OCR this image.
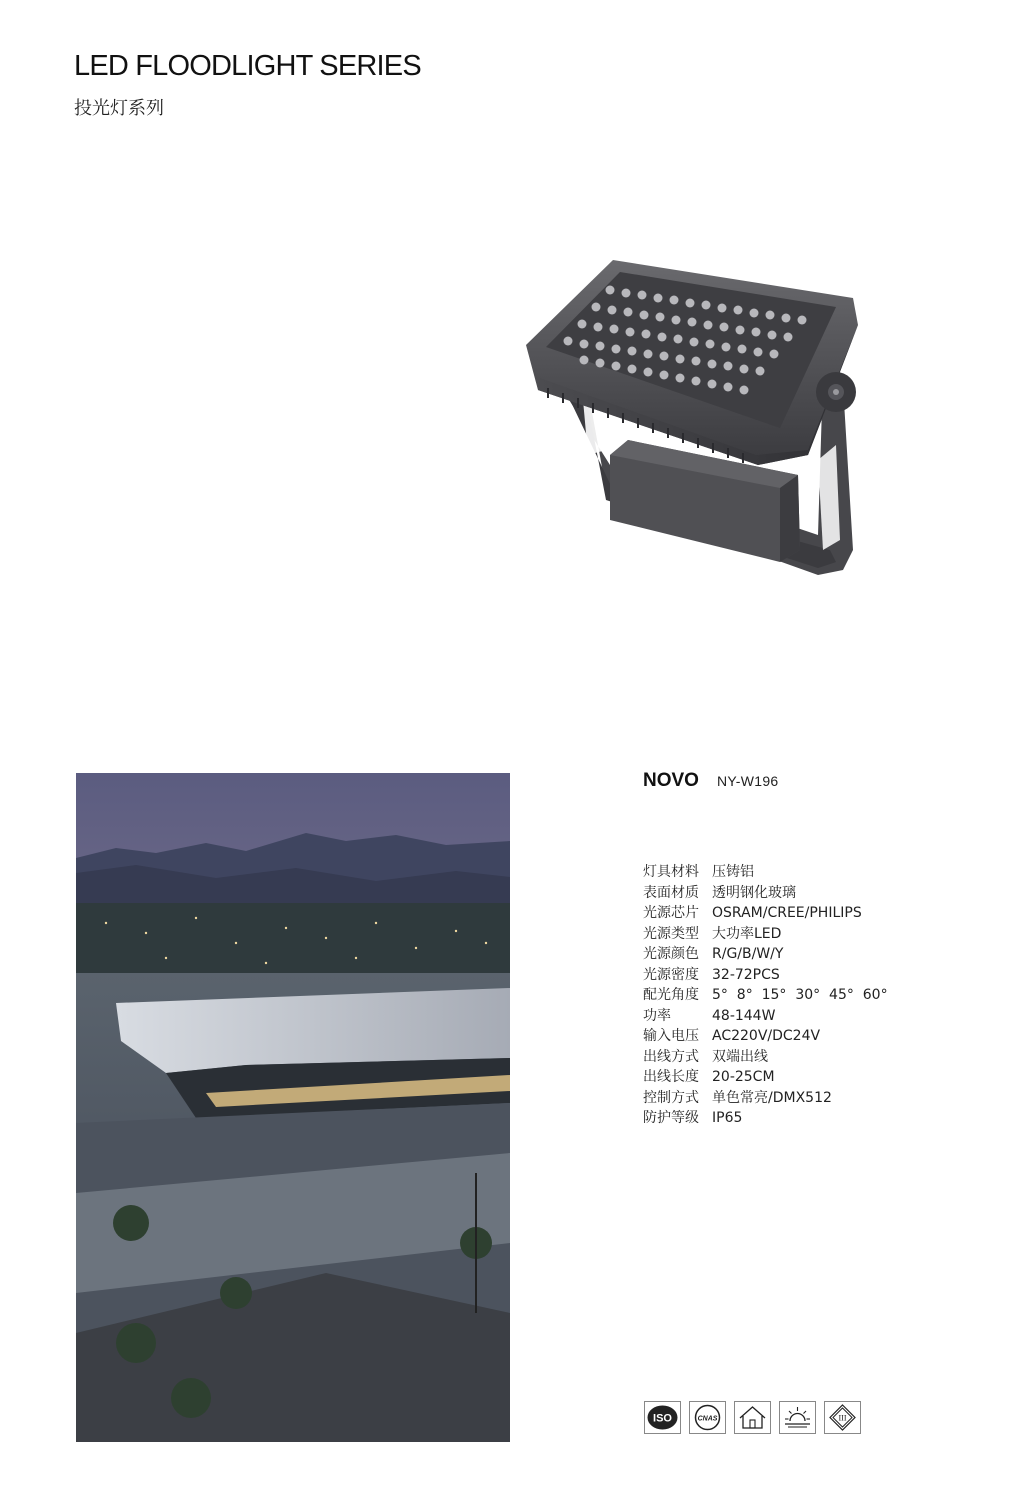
LED FLOODLIGHT SERIES
投光灯系列
NOVO NY-W196
灯具材料 压铸铝
表面材质 透明钢化玻璃
光源芯片 OSRAM/CREE/PHILIPS
光源类型 大功率LED
光源颜色 R/G/B/W/Y
光源密度 32-72PCS
配光角度 5°  8°  15°  30°  45°  60°
功率	48-144W
输入电压 AC220V/DC24V
出线方式 双端出线
出线长度 20-25CM
控制方式 单色常亮/DMX512
防护等级 IP65
ISO	CNAS	III
